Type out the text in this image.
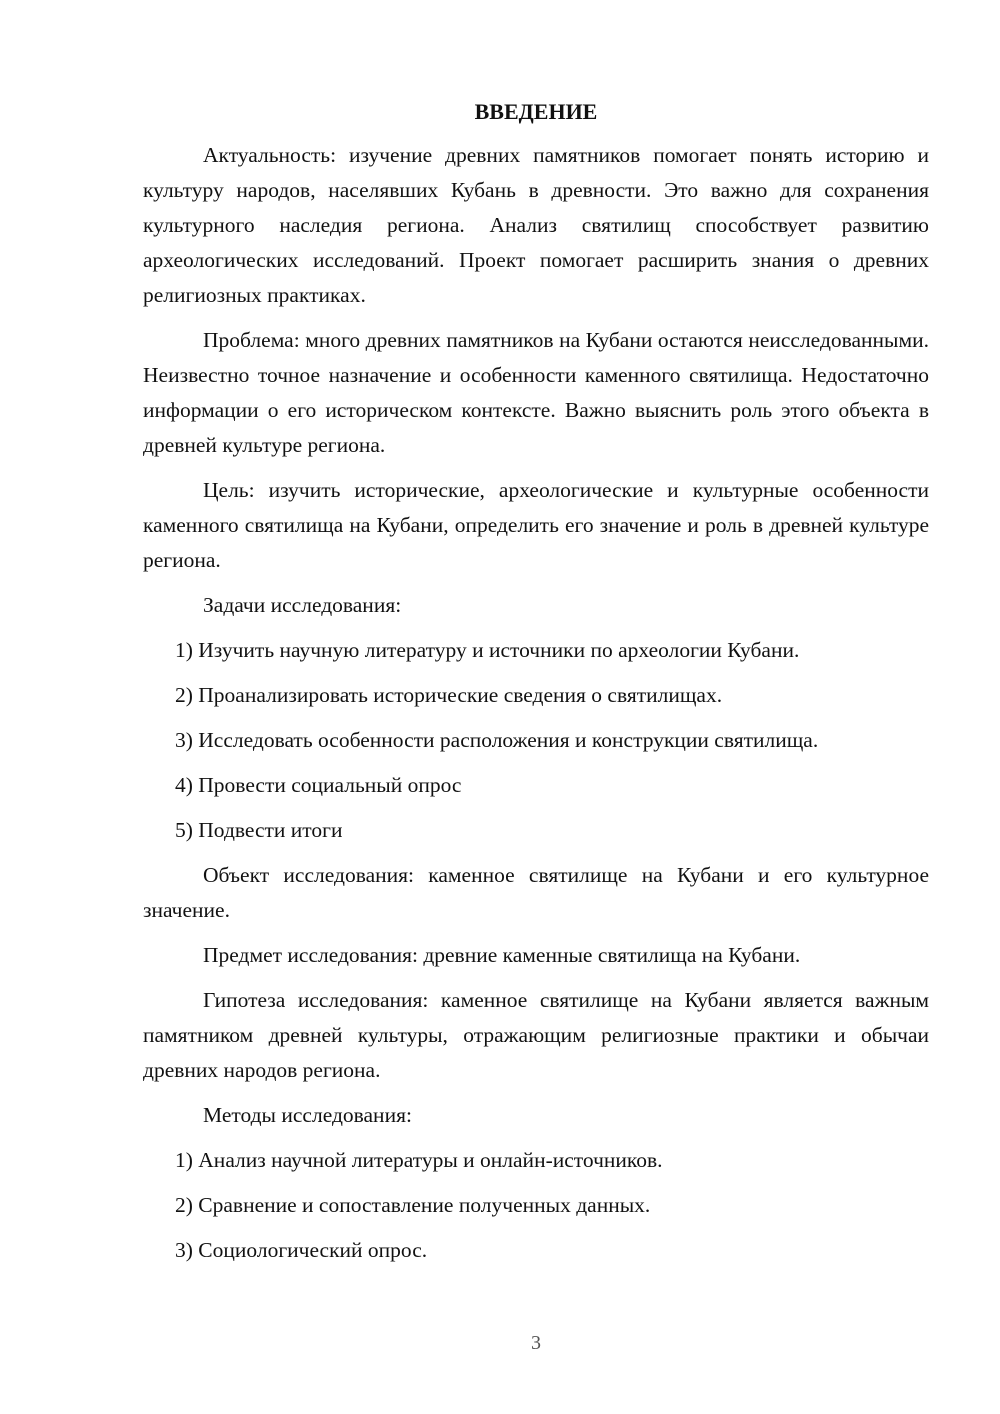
ВВЕДЕНИЕ

Актуальность: изучение древних памятников помогает понять историю и культуру народов, населявших Кубань в древности. Это важно для сохранения культурного наследия региона. Анализ святилищ способствует развитию археологических исследований. Проект помогает расширить знания о древних религиозных практиках.

Проблема: много древних памятников на Кубани остаются неисследованными. Неизвестно точное назначение и особенности каменного святилища. Недостаточно информации о его историческом контексте. Важно выяснить роль этого объекта в древней культуре региона.

Цель: изучить исторические, археологические и культурные особенности каменного святилища на Кубани, определить его значение и роль в древней культуре региона.

Задачи исследования:

1) Изучить научную литературу и источники по археологии Кубани.
2) Проанализировать исторические сведения о святилищах.
3) Исследовать особенности расположения и конструкции святилища.
4) Провести социальный опрос
5) Подвести итоги

Объект исследования: каменное святилище на Кубани и его культурное значение.

Предмет исследования: древние каменные святилища на Кубани.

Гипотеза исследования: каменное святилище на Кубани является важным памятником древней культуры, отражающим религиозные практики и обычаи древних народов региона.

Методы исследования:

1) Анализ научной литературы и онлайн-источников.
2) Сравнение и сопоставление полученных данных.
3) Социологический опрос.
3
